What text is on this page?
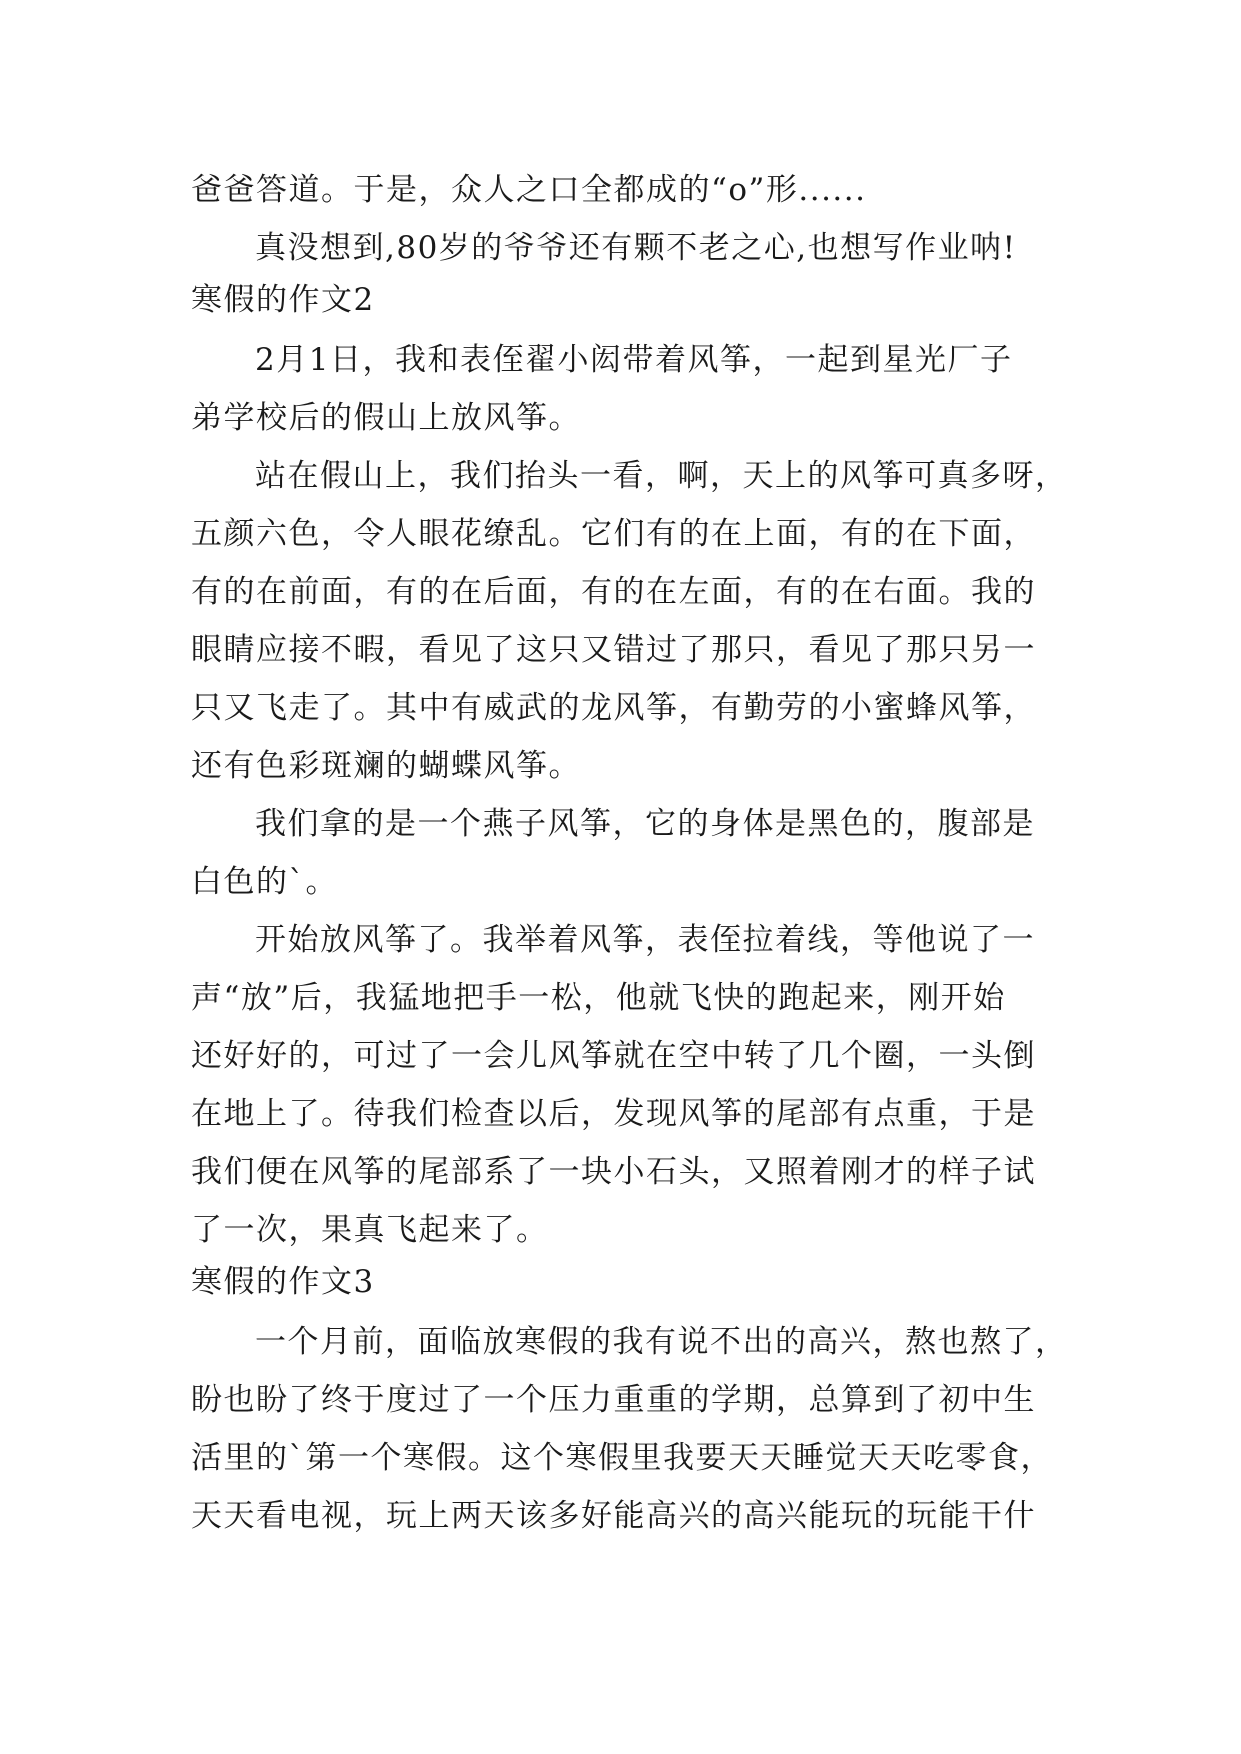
爸爸答道。于是，众人之口全都成的“o”形......
真没想到,80岁的爷爷还有颗不老之心,也想写作业呐!
寒假的作文2
2月1日，我和表侄翟小闳带着风筝，一起到星光厂子
弟学校后的假山上放风筝。
站在假山上，我们抬头一看，啊，天上的风筝可真多呀，
五颜六色，令人眼花缭乱。它们有的在上面，有的在下面，
有的在前面，有的在后面，有的在左面，有的在右面。我的
眼睛应接不暇，看见了这只又错过了那只，看见了那只另一
只又飞走了。其中有威武的龙风筝，有勤劳的小蜜蜂风筝，
还有色彩斑斓的蝴蝶风筝。
我们拿的是一个燕子风筝，它的身体是黑色的，腹部是
白色的`。
开始放风筝了。我举着风筝，表侄拉着线，等他说了一
声“放”后，我猛地把手一松，他就飞快的跑起来，刚开始
还好好的，可过了一会儿风筝就在空中转了几个圈，一头倒
在地上了。待我们检查以后，发现风筝的尾部有点重，于是
我们便在风筝的尾部系了一块小石头，又照着刚才的样子试
了一次，果真飞起来了。
寒假的作文3
一个月前，面临放寒假的我有说不出的高兴，熬也熬了，
盼也盼了终于度过了一个压力重重的学期，总算到了初中生
活里的`第一个寒假。这个寒假里我要天天睡觉天天吃零食，
天天看电视，玩上两天该多好能高兴的高兴能玩的玩能干什
